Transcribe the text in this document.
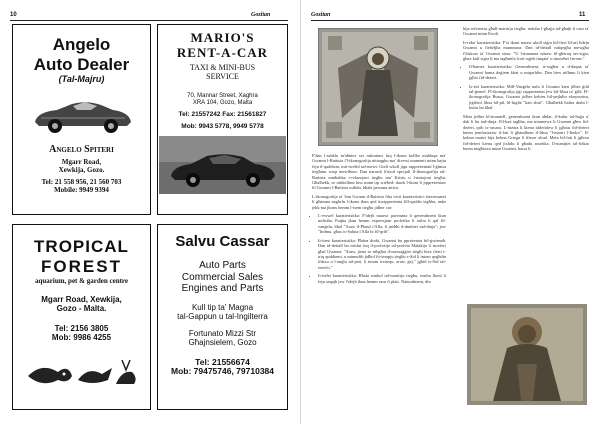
10	Gozitan
Angelo
Auto Dealer
(Tal-Majru)
Angelo Spiteri
Mgarr Road,
Xewkija, Gozo.
Tel: 21 558 956, 21 560 703
Mobile: 9949 9394
MARIO'S
RENT-A-CAR
TAXI & MINI-BUS
SERVICE
70, Mannar Street, Xaghra
XRA 104, Gozo, Malta
Tel: 21557242 Fax: 21561827
Mob: 9943 5778, 9949 5778
TROPICAL
FOREST
aquarium, pet & garden centre
Mgarr Road, Xewkija,
Gozo - Malta.
Tel: 2156 3805
Mob: 9986 4255
Salvu Cassar
Auto Parts
Commercial Sales
Engines and Parts
Kull tip ta' Magna
tal-Gappun u tal-Ingilterra
Fortunato Mizzi Str
Għajnsielem, Gozo
Tel: 21556674
Mob: 79475746, 79710384
Gozitan	11

F'dan l-artiklu m'aħniex ser nittrattaw fuq l-ikona kollha mahluqa ma' Gwanni l-Battista f'l-ikonografija nittaqghu ma' diversi mumenti minn hajtu fejn il-qaddisin, mit-twelid sal-mewt. Gieli wkoll jigu rappreżentati l-ġimsa tiegħum waqt mewtħom. Dan narawh b'mod specjali fl-ikonografija tal-Battista minħabba r-relazzjoni tiegħu ma' Kristu u l-missjoni tiegħu. Għalhekk, se nittkellmu biss minn tip wieħed: dawk l-ikoni li jippreżentaw lil Gwanni l-Battista waħdu, bħala persuna attiva.

L-ikonografija ta' San Gwann il-Battista fiha ċerti karatteristici interessanti li għamna naghrfu l-ikona tkun qed tirrappreżenta lill-qaddis tagħha, anke jekk ma jkunx hemm l-isem tiegħu jidher car:

• L-ewwel karatteristika: F'idejh narawr parċmina li generalment tkun miftuħa. Fuqha jkun hemm espressjoni profetika li ssibu li qal fil-vanġelu, bħal "Araw il-Ħaruf t'Alla, li jneħħi d-dnubiet tad-dinja"; jew "Indmu, għax is-Saltna t'Alla hi fil-qrib".
• It-tieni karatteristika: Ħafna drabi, Gwanni hu ppreżentat bil-ġwienaħ. Dan id-dettall hu mislut fuq il-profezija tal-profeta Malakija li tirreferi għal Gwanni: "Araw, jiena se nibgħat il-messaġġier tiegħi biex ilesti t-triq quddiemi, u minnufih jidħol fit-tempju tiegħu s-Sid li intom qegħdin tfittxu u l-anġlu tal-patt, li intom tixtiequ, araw, ġej," jgħid is-Sid tal-eżerċti."
• It-tielet karatteristika: Bħala simbol tal-martirju tiegħu, insibu lkoni li fejn saqajh jew f'idejh ikun hemm rasu fi platt. Naturalment, din

hija referenza għall-martirju tiegħu: nafuha l-għajja tal-għajb li rasu ta' Gwanni minn Erodi.

Ir-raba' karatteristika: F'xi ikoni naraw ukoll siġra bil-fieri fil-art ħdejn Gwanni u fieheljha mummara. Dan id-dettall nittqegħu mewġħu f'diskors ta' Gwanni stess: "U l-mannara nitraw fil-għeruq tas-siġar, għax kull siġra li ma tagħmilx frott tajjeb tinqata' u tinxteħet fin-nar."

• Il-ħames karatteristika: Generalment, is-sagħar u d-daqna ta' Gwanni huma deġiem kbar u miqarfdin. Dan biex nifhmu li kien jgħix fid-deżert.
• Is-sitt karatteristika: Mill-Vanġelu nafu li Gwanni kien jilbes ġild tal-ġemel. Fl-ikonografija jiġi rappreżentat jew bil-libsa ta' ġild. Fl-ikonografija Russa, Gwanni jidher kebies bil-pejluħu ekuyomtsu, jiġifieri libsa bil-pil, bl-lngliż "hair shirt". Għalhekk ħafna drabi l-kulur hu kħal.

Meta jidher bl-imantell, generalment ikun aħdar, il-kulur tal-ħajja u' dak li hu tad-dinja. Fil-każ tagħha, ma nimmewx li Gwanni għex fid-deżert, qrib ix-xmara. L-inżara li kienu iddeċidew li jgħixu fid-deżert kienu jemfasizzaw il-fatt li għandhom il-libsa "l-martri l-ħodor". Il-kelma martri hija kelma Griega li tfisser xhud. Meta bil-fatt li jgħixu fid-deżert kienu qed jixhdu li għadu assetika. Il-manijiet tal-fiżkar kienu imgħixxu minn Gwanni, barra li
